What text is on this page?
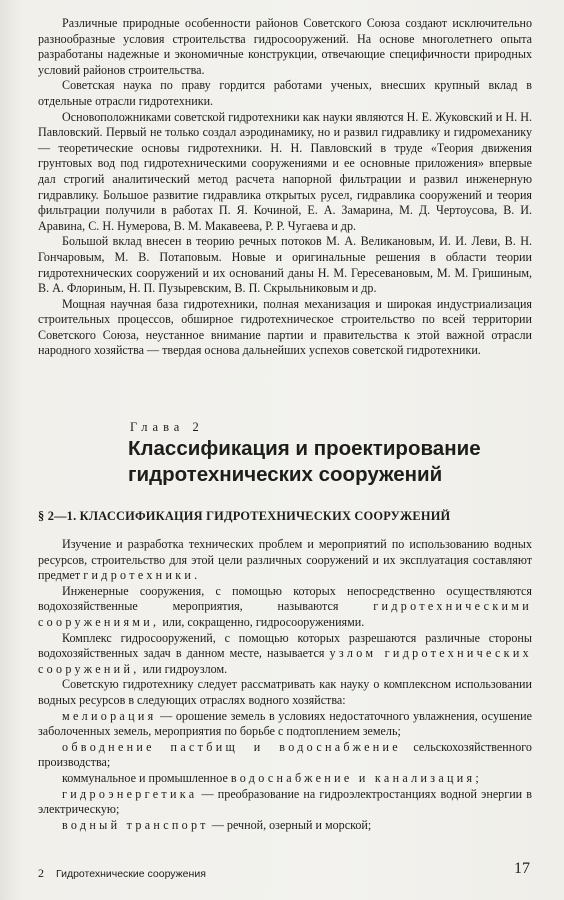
Различные природные особенности районов Советского Союза создают исключительно разнообразные условия строительства гидросооружений. На основе многолетнего опыта разработаны надежные и экономичные конструкции, отвечающие специфичности природных условий районов строительства.

Советская наука по праву гордится работами ученых, внесших крупный вклад в отдельные отрасли гидротехники.

Основоположниками советской гидротехники как науки являются Н. Е. Жуковский и Н. Н. Павловский. Первый не только создал аэродинамику, но и развил гидравлику и гидромеханику — теоретические основы гидротехники. Н. Н. Павловский в труде «Теория движения грунтовых вод под гидротехническими сооружениями и ее основные приложения» впервые дал строгий аналитический метод расчета напорной фильтрации и развил инженерную гидравлику. Большое развитие гидравлика открытых русел, гидравлика сооружений и теория фильтрации получили в работах П. Я. Кочиной, Е. А. Замарина, М. Д. Чертоусова, В. И. Аравина, С. Н. Нумерова, В. М. Макавеева, Р. Р. Чугаева и др.

Большой вклад внесен в теорию речных потоков М. А. Великановым, И. И. Леви, В. Н. Гончаровым, М. В. Потаповым. Новые и оригинальные решения в области теории гидротехнических сооружений и их оснований даны Н. М. Гересевановым, М. М. Гришиным, В. А. Флориным, Н. П. Пузыревским, В. П. Скрыльниковым и др.

Мощная научная база гидротехники, полная механизация и широкая индустриализация строительных процессов, обширное гидротехническое строительство по всей территории Советского Союза, неустанное внимание партии и правительства к этой важной отрасли народного хозяйства — твердая основа дальнейших успехов советской гидротехники.

Глава 2
Классификация и проектирование гидротехнических сооружений
§ 2—1. КЛАССИФИКАЦИЯ ГИДРОТЕХНИЧЕСКИХ СООРУЖЕНИЙ

Изучение и разработка технических проблем и мероприятий по использованию водных ресурсов, строительство для этой цели различных сооружений и их эксплуатация составляют предмет гидротехники.

Инженерные сооружения, с помощью которых непосредственно осуществляются водохозяйственные мероприятия, называются гидротехническими сооружениями, или, сокращенно, гидросооружениями.

Комплекс гидросооружений, с помощью которых разрешаются различные стороны водохозяйственных задач в данном месте, называется узлом гидротехнических сооружений, или гидроузлом.

Советскую гидротехнику следует рассматривать как науку о комплексном использовании водных ресурсов в следующих отраслях водного хозяйства:

мелиорация — орошение земель в условиях недостаточного увлажнения, осушение заболоченных земель, мероприятия по борьбе с подтоплением земель;

обводнение пастбищ и водоснабжение сельскохозяйственного производства;

коммунальное и промышленное водоснабжение и канализация;

гидроэнергетика — преобразование на гидроэлектростанциях водной энергии в электрическую;

водный транспорт — речной, озерный и морской;

2 Гидротехнические сооружения	17
